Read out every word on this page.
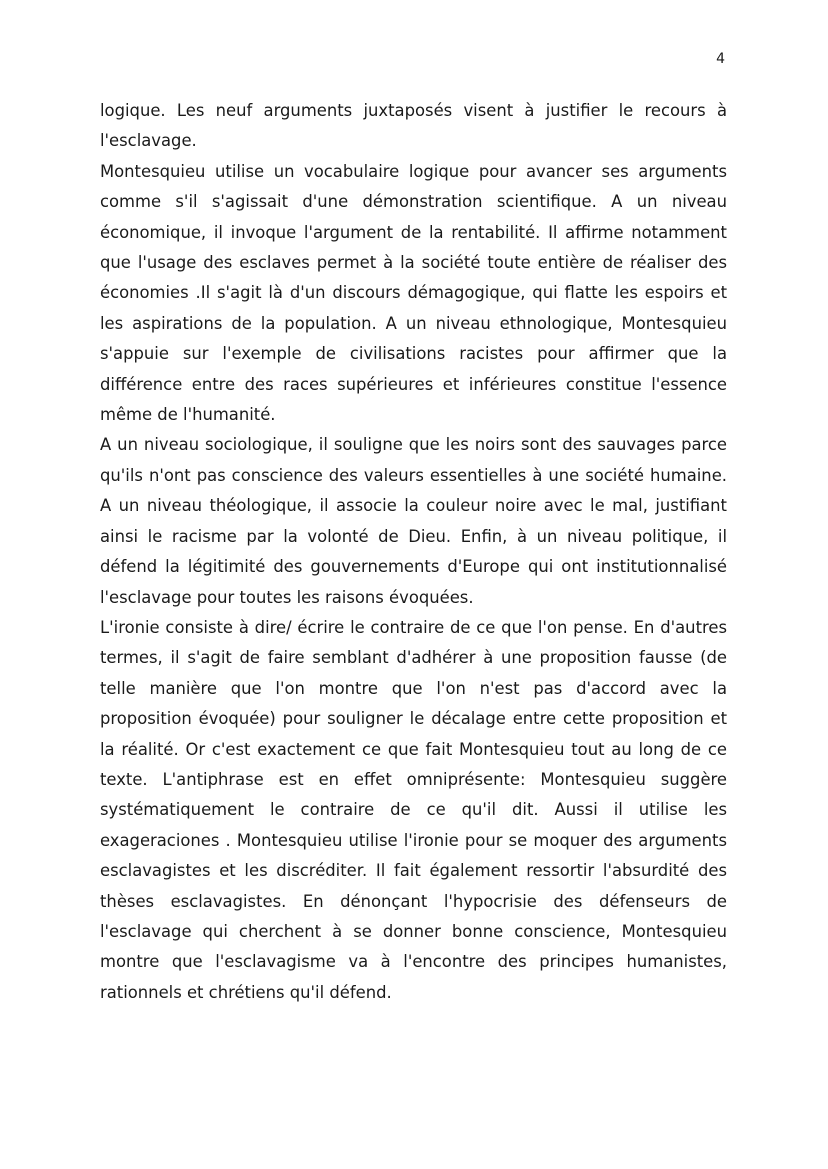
4

logique. Les neuf arguments juxtaposés visent à justifier le recours à l'esclavage.

Montesquieu utilise un vocabulaire logique pour avancer ses arguments comme s'il s'agissait d'une démonstration scientifique. A un niveau économique, il invoque l'argument de la rentabilité. Il affirme notamment que l'usage des esclaves permet à la société toute entière de réaliser des économies .Il s'agit là d'un discours démagogique, qui flatte les espoirs et les aspirations de la population. A un niveau ethnologique, Montesquieu s'appuie sur l'exemple de civilisations racistes pour affirmer que la différence entre des races supérieures et inférieures constitue l'essence même de l'humanité.

A un niveau sociologique, il souligne que les noirs sont des sauvages parce qu'ils n'ont pas conscience des valeurs essentielles à une société humaine. A un niveau théologique, il associe la couleur noire avec le mal, justifiant ainsi le racisme par la volonté de Dieu. Enfin, à un niveau politique, il défend la légitimité des gouvernements d'Europe qui ont institutionnalisé l'esclavage pour toutes les raisons évoquées.

L'ironie consiste à dire/ écrire le contraire de ce que l'on pense. En d'autres termes, il s'agit de faire semblant d'adhérer à une proposition fausse (de telle manière que l'on montre que l'on n'est pas d'accord avec la proposition évoquée) pour souligner le décalage entre cette proposition et la réalité. Or c'est exactement ce que fait Montesquieu tout au long de ce texte. L'antiphrase est en effet omniprésente: Montesquieu suggère systématiquement le contraire de ce qu'il dit. Aussi il utilise les exageraciones . Montesquieu utilise l'ironie pour se moquer des arguments esclavagistes et les discréditer. Il fait également ressortir l'absurdité des thèses esclavagistes. En dénonçant l'hypocrisie des défenseurs de l'esclavage qui cherchent à se donner bonne conscience, Montesquieu montre que l'esclavagisme va à l'encontre des principes humanistes, rationnels et chrétiens qu'il défend.
